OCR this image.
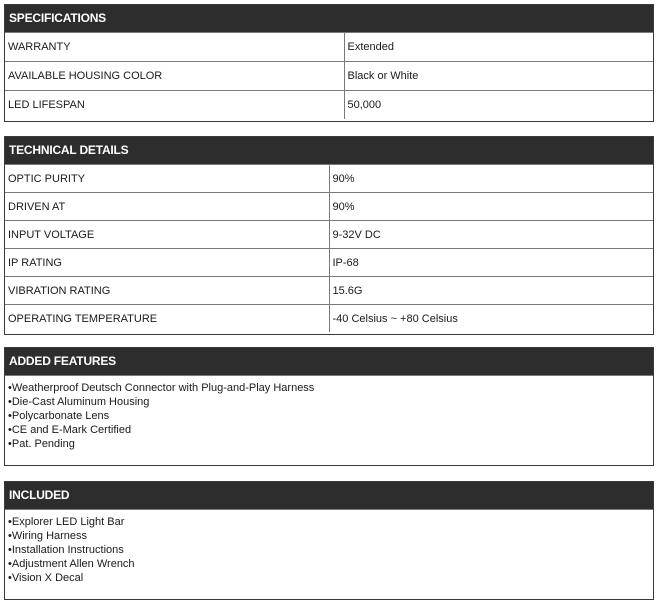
SPECIFICATIONS
WARRANTY	Extended
AVAILABLE HOUSING COLOR	Black or White
LED LIFESPAN	50,000
TECHNICAL DETAILS
OPTIC PURITY	90%
DRIVEN AT	90%
INPUT VOLTAGE	9-32V DC
IP RATING	IP-68
VIBRATION RATING	15.6G
OPERATING TEMPERATURE	-40 Celsius ~ +80 Celsius
ADDED FEATURES
• Weatherproof Deutsch Connector with Plug-and-Play Harness
• Die-Cast Aluminum Housing
• Polycarbonate Lens
• CE and E-Mark Certified
• Pat. Pending
INCLUDED
• Explorer LED Light Bar
• Wiring Harness
• Installation Instructions
• Adjustment Allen Wrench
• Vision X Decal
